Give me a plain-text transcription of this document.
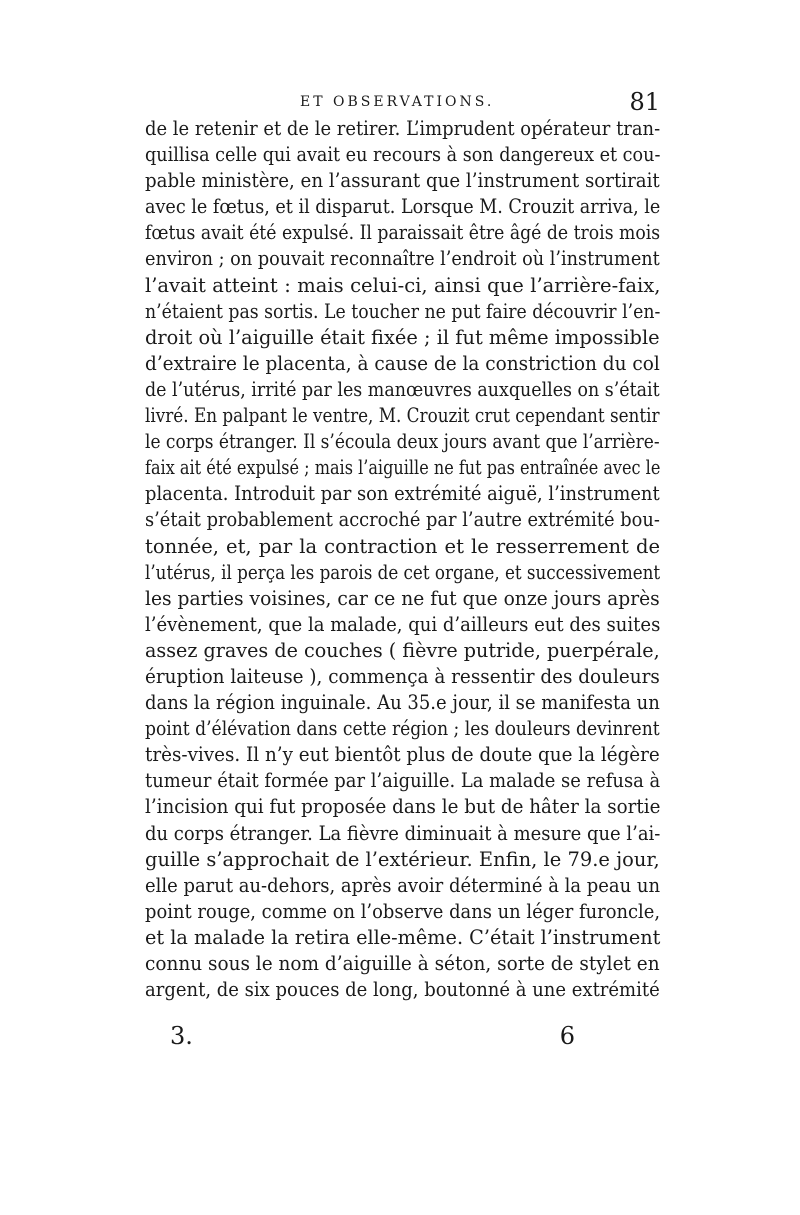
ET OBSERVATIONS.	81
de le retenir et de le retirer. L’imprudent opérateur tran-
quillisa celle qui avait eu recours à son dangereux et cou-
pable ministère, en l’assurant que l’instrument sortirait
avec le fœtus, et il disparut. Lorsque M. Crouzit arriva, le
fœtus avait été expulsé. Il paraissait être âgé de trois mois
environ ; on pouvait reconnaître l’endroit où l’instrument
l’avait atteint : mais celui-ci, ainsi que l’arrière-faix,
n’étaient pas sortis. Le toucher ne put faire découvrir l’en-
droit où l’aiguille était fixée ; il fut même impossible
d’extraire le placenta, à cause de la constriction du col
de l’utérus, irrité par les manœuvres auxquelles on s’était
livré. En palpant le ventre, M. Crouzit crut cependant sentir
le corps étranger. Il s’écoula deux jours avant que l’arrière-
faix ait été expulsé ; mais l’aiguille ne fut pas entraînée avec le
placenta. Introduit par son extrémité aiguë, l’instrument
s’était probablement accroché par l’autre extrémité bou-
tonnée, et, par la contraction et le resserrement de
l’utérus, il perça les parois de cet organe, et successivement
les parties voisines, car ce ne fut que onze jours après
l’évènement, que la malade, qui d’ailleurs eut des suites
assez graves de couches ( fièvre putride, puerpérale,
éruption laiteuse ), commença à ressentir des douleurs
dans la région inguinale. Au 35.e jour, il se manifesta un
point d’élévation dans cette région ; les douleurs devinrent
très-vives. Il n’y eut bientôt plus de doute que la légère
tumeur était formée par l’aiguille. La malade se refusa à
l’incision qui fut proposée dans le but de hâter la sortie
du corps étranger. La fièvre diminuait à mesure que l’ai-
guille s’approchait de l’extérieur. Enfin, le 79.e jour,
elle parut au-dehors, après avoir déterminé à la peau un
point rouge, comme on l’observe dans un léger furoncle,
et la malade la retira elle-même. C’était l’instrument
connu sous le nom d’aiguille à séton, sorte de stylet en
argent, de six pouces de long, boutonné à une extrémité
3.	6
